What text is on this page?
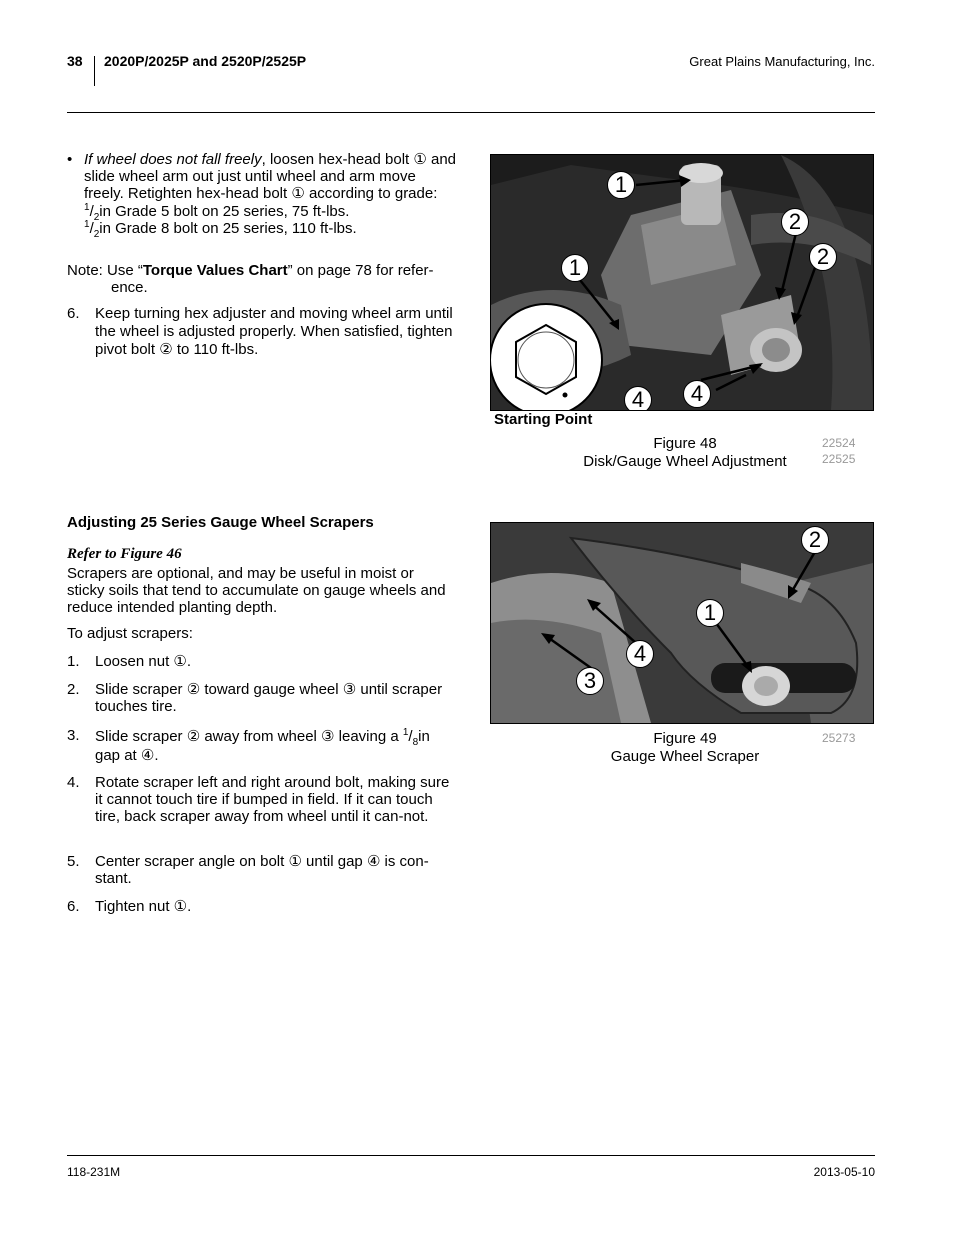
38 2020P/2025P and 2520P/2525P	Great Plains Manufacturing, Inc.
• If wheel does not fall freely, loosen hex-head bolt ① and slide wheel arm out just until wheel and arm move freely. Retighten hex-head bolt ① according to grade:
$^1/_2in$ Grade 5 bolt on 25 series, 75 ft-lbs.
$^1/_2in$ Grade 8 bolt on 25 series, 110 ft-lbs.
Note: Use “Torque Values Chart” on page 78 for refer-
ence.
6. Keep turning hex adjuster and moving wheel arm until the wheel is adjusted properly. When satisfied, tighten pivot bolt ② to 110 ft-lbs.
1
1
2
2
4	4
Starting Point
Figure 48
Disk/Gauge Wheel Adjustment
22524
22525
Adjusting 25 Series Gauge Wheel Scrapers
Refer to Figure 46
Scrapers are optional, and may be useful in moist or sticky soils that tend to accumulate on gauge wheels and reduce intended planting depth.
To adjust scrapers:
1. Loosen nut ①.
2. Slide scraper ② toward gauge wheel ③ until scraper touches tire.
3. Slide scraper ② away from wheel ③ leaving a $^1/_8in$
gap at ④.
4. Rotate scraper left and right around bolt, making sure it cannot touch tire if bumped in field. If it can touch tire, back scraper away from wheel until it can-not.
5. Center scraper angle on bolt ① until gap ④ is con-stant.
6. Tighten nut ①.
2
1
4
3
Figure 49
Gauge Wheel Scraper
25273
118-231M	2013-05-10
